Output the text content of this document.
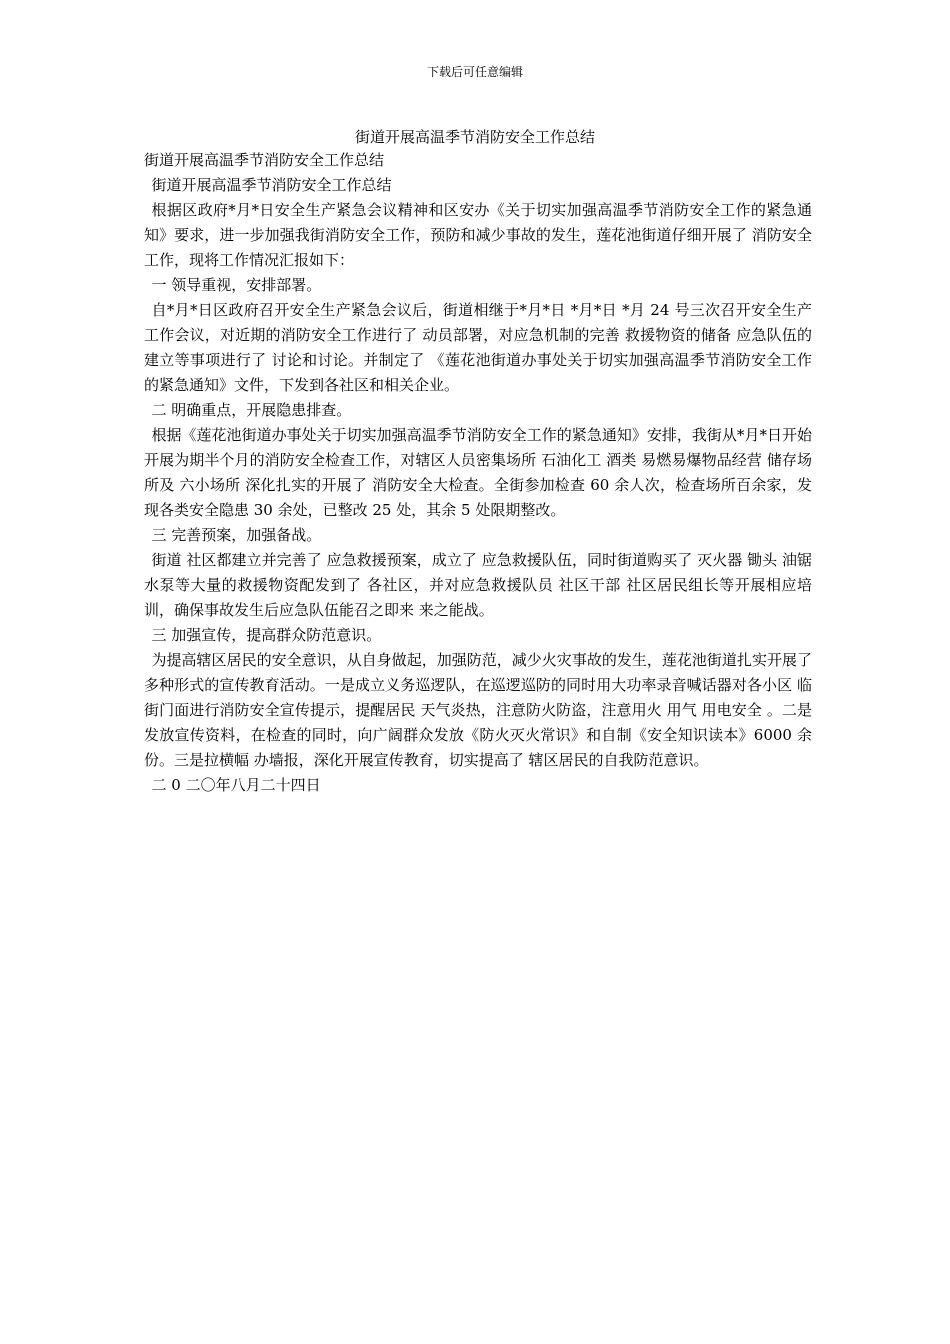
下载后可任意编辑
街道开展高温季节消防安全工作总结

街道开展高温季节消防安全工作总结

街道开展高温季节消防安全工作总结

根据区政府*月*日安全生产紧急会议精神和区安办《关于切实加强高温季节消防安全工作的紧急通知》要求，进一步加强我街消防安全工作，预防和减少事故的发生，莲花池街道仔细开展了 消防安全工作，现将工作情况汇报如下：

一 领导重视，安排部署。

自*月*日区政府召开安全生产紧急会议后，街道相继于*月*日 *月*日 *月 24 号三次召开安全生产工作会议，对近期的消防安全工作进行了 动员部署，对应急机制的完善 救援物资的储备 应急队伍的建立等事项进行了 讨论和讨论。并制定了 《莲花池街道办事处关于切实加强高温季节消防安全工作的紧急通知》文件，下发到各社区和相关企业。

二 明确重点，开展隐患排查。

根据《莲花池街道办事处关于切实加强高温季节消防安全工作的紧急通知》安排，我街从*月*日开始开展为期半个月的消防安全检查工作，对辖区人员密集场所 石油化工 酒类 易燃易爆物品经营 储存场所及 六小场所 深化扎实的开展了 消防安全大检查。全街参加检查 60 余人次，检查场所百余家，发现各类安全隐患 30 余处，已整改 25 处，其余 5 处限期整改。

三 完善预案，加强备战。

街道 社区都建立并完善了 应急救援预案，成立了 应急救援队伍，同时街道购买了 灭火器 锄头 油锯 水泵等大量的救援物资配发到了 各社区，并对应急救援队员 社区干部 社区居民组长等开展相应培训，确保事故发生后应急队伍能召之即来 来之能战。

三 加强宣传，提高群众防范意识。

为提高辖区居民的安全意识，从自身做起，加强防范，减少火灾事故的发生，莲花池街道扎实开展了 多种形式的宣传教育活动。一是成立义务巡逻队，在巡逻巡防的同时用大功率录音喊话器对各小区 临街门面进行消防安全宣传提示，提醒居民 天气炎热，注意防火防盗，注意用火 用气 用电安全 。二是发放宣传资料，在检查的同时，向广阔群众发放《防火灭火常识》和自制《安全知识读本》6000 余份。三是拉横幅 办墙报，深化开展宣传教育，切实提高了 辖区居民的自我防范意识。

二 0 二〇年八月二十四日
